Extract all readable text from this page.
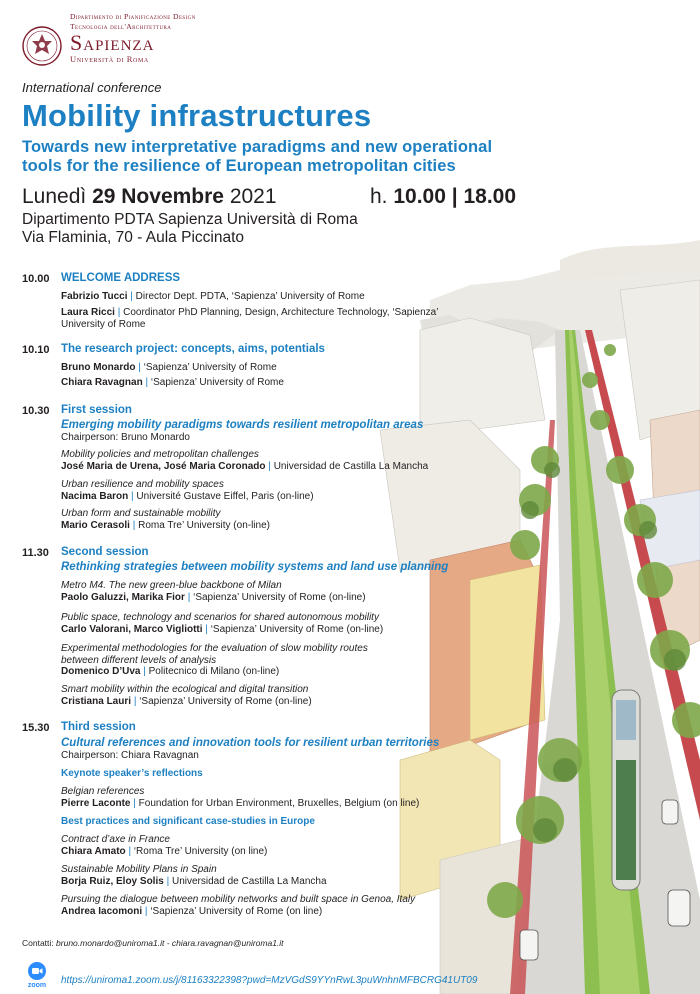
Dipartimento di Pianificazione Design
Tecnologia dell'Architettura
Sapienza
Università di Roma
International conference
Mobility infrastructures
Towards new interpretative paradigms and new operational
tools for the resilience of European metropolitan cities
Lunedì 29 Novembre 2021	h. 10.00 | 18.00
Dipartimento PDTA Sapienza Università di Roma
Via Flaminia, 70 - Aula Piccinato
10.00 WELCOME ADDRESS
Fabrizio Tucci | Director Dept. PDTA, ‘Sapienza’ University of Rome
Laura Ricci | Coordinator PhD Planning, Design, Architecture Technology, ‘Sapienza’
University of Rome
10.10 The research project: concepts, aims, potentials
Bruno Monardo | ‘Sapienza’ University of Rome
Chiara Ravagnan | ‘Sapienza’ University of Rome
10.30 First session
Emerging mobility paradigms towards resilient metropolitan areas
Chairperson: Bruno Monardo
Mobility policies and metropolitan challenges
José Maria de Urena, José Maria Coronado | Universidad de Castilla La Mancha
Urban resilience and mobility spaces
Nacima Baron | Université Gustave Eiffel, Paris (on-line)
Urban form and sustainable mobility
Mario Cerasoli | Roma Tre’ University (on-line)
11.30 Second session
Rethinking strategies between mobility systems and land use planning
Metro M4. The new green-blue backbone of Milan
Paolo Galuzzi, Marika Fior | ‘Sapienza’ University of Rome (on-line)
Public space, technology and scenarios for shared autonomous mobility
Carlo Valorani, Marco Vigliotti | ‘Sapienza’ University of Rome (on-line)
Experimental methodologies for the evaluation of slow mobility routes
between different levels of analysis
Domenico D’Uva | Politecnico di Milano (on-line)
Smart mobility within the ecological and digital transition
Cristiana Lauri | ‘Sapienza’ University of Rome (on-line)
15.30 Third session
Cultural references and innovation tools for resilient urban territories
Chairperson: Chiara Ravagnan
Keynote speaker’s reflections
Belgian references
Pierre Laconte | Foundation for Urban Environment, Bruxelles, Belgium (on line)
Best practices and significant case-studies in Europe
Contract d’axe in France
Chiara Amato | ‘Roma Tre’ University (on line)
Sustainable Mobility Plans in Spain
Borja Ruiz, Eloy Solis | Universidad de Castilla La Mancha
Pursuing the dialogue between mobility networks and built space in Genoa, Italy
Andrea Iacomoni | ‘Sapienza’ University of Rome (on line)
Contatti: bruno.monardo@uniroma1.it - chiara.ravagnan@uniroma1.it
zoom	https://uniroma1.zoom.us/j/81163322398?pwd=MzVGdS9YYnRwL3puWnhnMFBCRG41UT09
